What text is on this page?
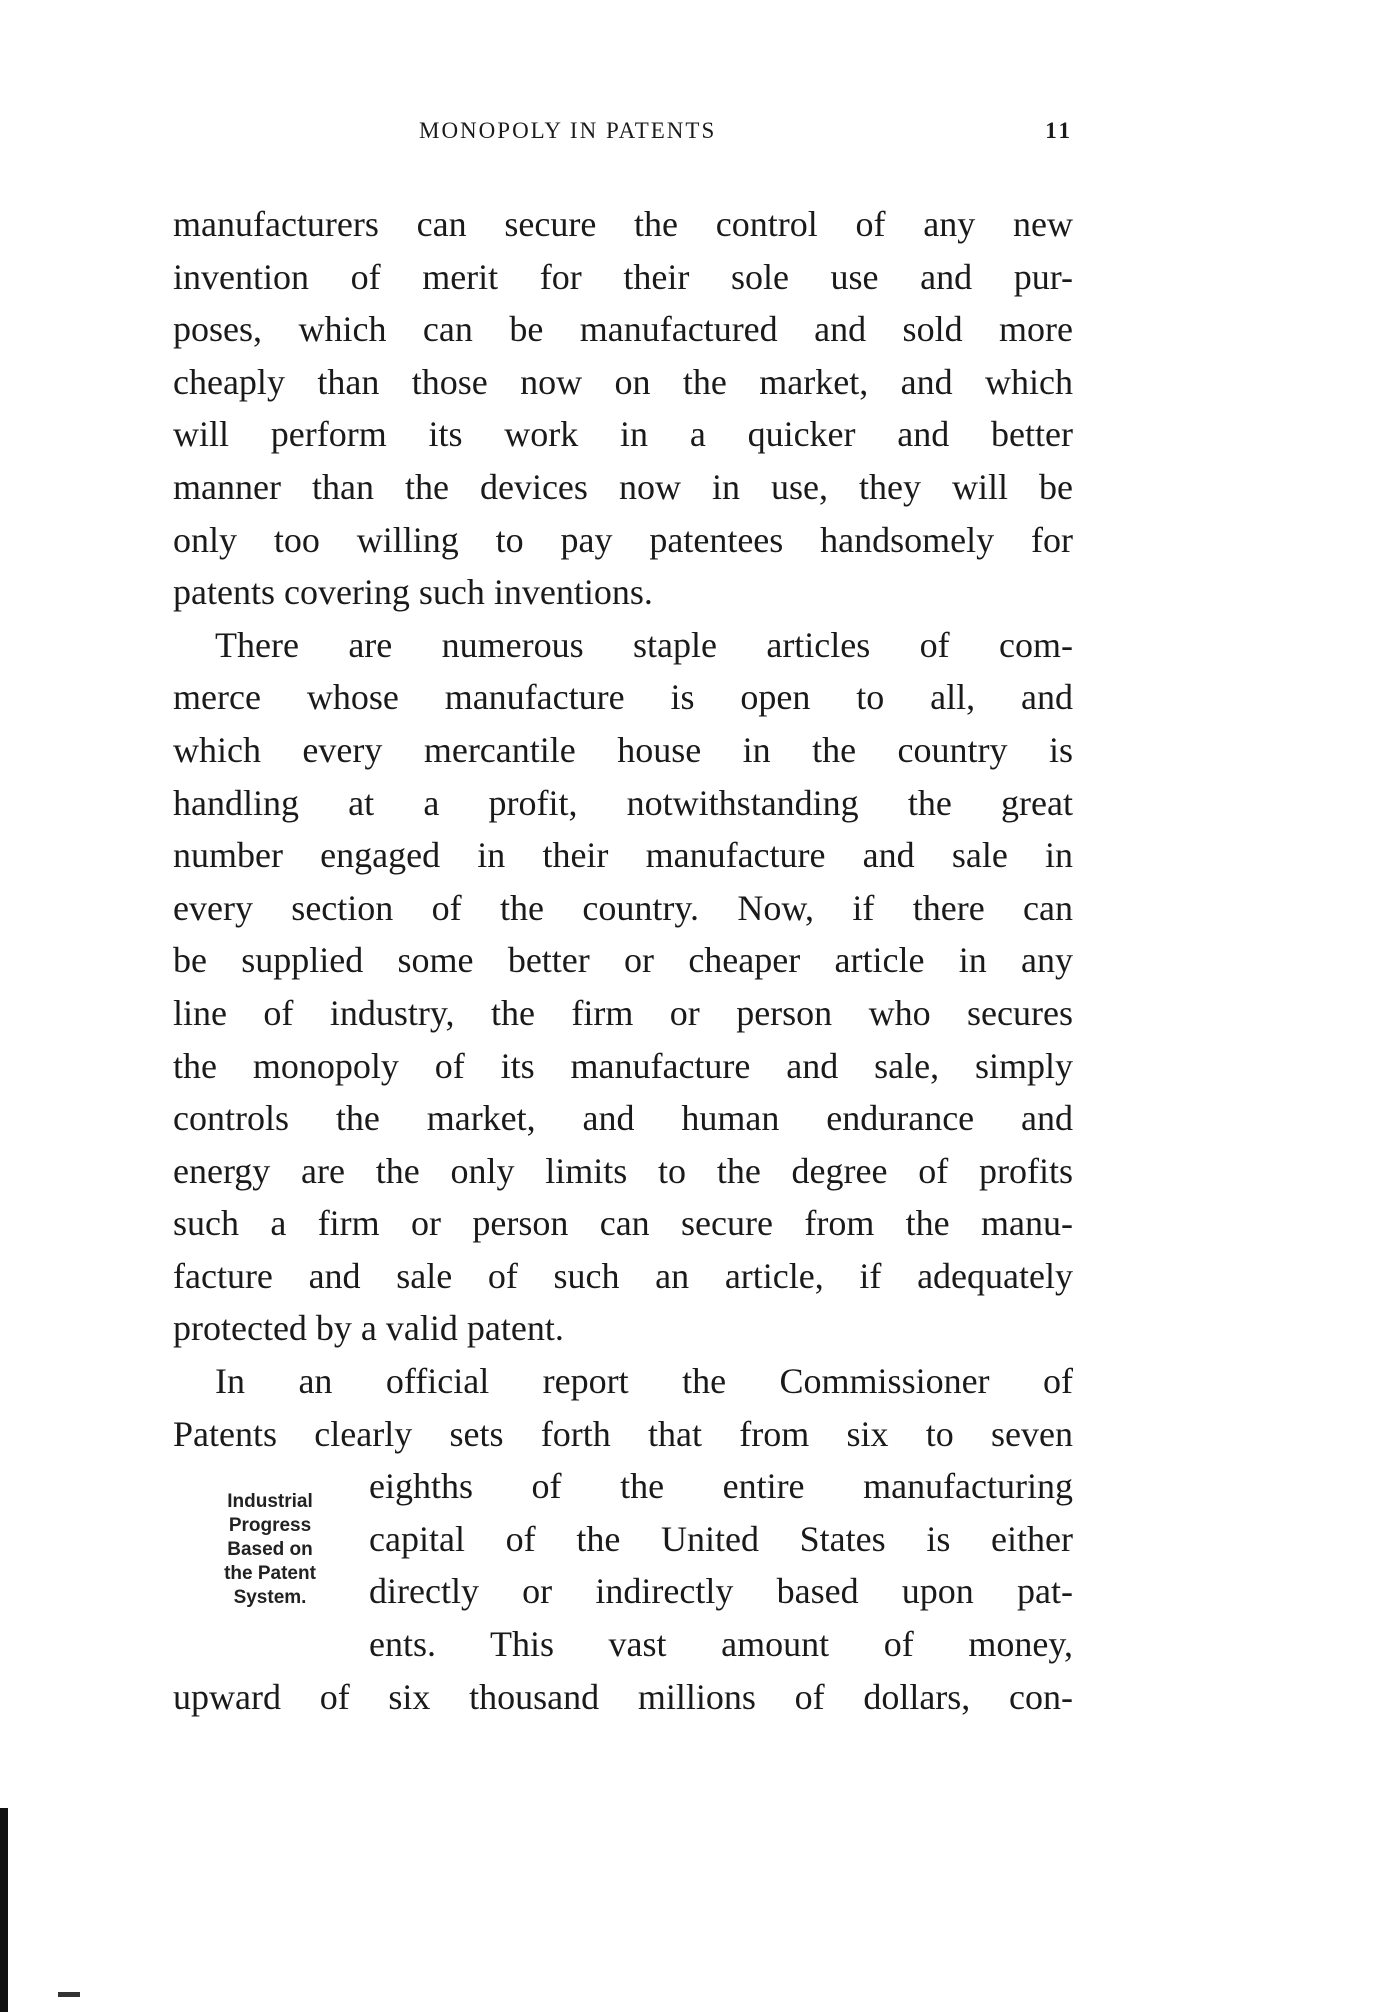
MONOPOLY IN PATENTS	11
manufacturers can secure the control of any new
invention of merit for their sole use and pur-
poses, which can be manufactured and sold more
cheaply than those now on the market, and which
will perform its work in a quicker and better
manner than the devices now in use, they will be
only too willing to pay patentees handsomely for
patents covering such inventions.
There are numerous staple articles of com-
merce whose manufacture is open to all, and
which every mercantile house in the country is
handling at a profit, notwithstanding the great
number engaged in their manufacture and sale in
every section of the country. Now, if there can
be supplied some better or cheaper article in any
line of industry, the firm or person who secures
the monopoly of its manufacture and sale, simply
controls the market, and human endurance and
energy are the only limits to the degree of profits
such a firm or person can secure from the manu-
facture and sale of such an article, if adequately
protected by a valid patent.
In an official report the Commissioner of
Patents clearly sets forth that from six to seven
eighths of the entire manufacturing
capital of the United States is either
directly or indirectly based upon pat-
ents. This vast amount of money,
upward of six thousand millions of dollars, con-
Industrial
Progress
Based on
the Patent
System.
